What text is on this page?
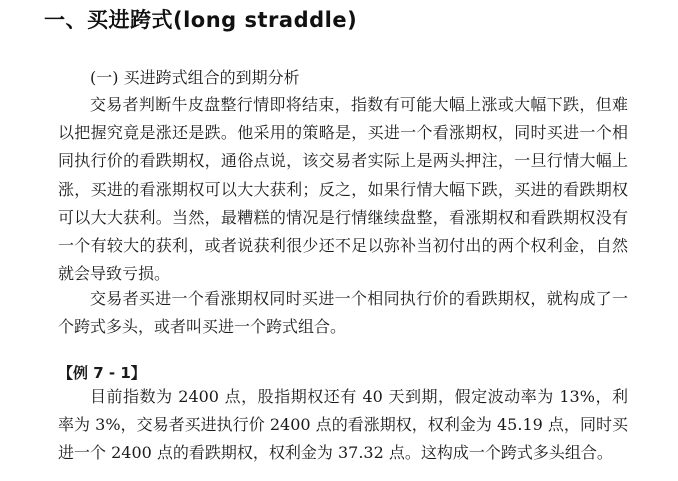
一、买进跨式(long straddle)
(一) 买进跨式组合的到期分析
交易者判断牛皮盘整行情即将结束，指数有可能大幅上涨或大幅下跌，但难以把握究竟是涨还是跌。他采用的策略是，买进一个看涨期权，同时买进一个相同执行价的看跌期权，通俗点说，该交易者实际上是两头押注，一旦行情大幅上涨，买进的看涨期权可以大大获利；反之，如果行情大幅下跌，买进的看跌期权可以大大获利。当然，最糟糕的情况是行情继续盘整，看涨期权和看跌期权没有一个有较大的获利，或者说获利很少还不足以弥补当初付出的两个权利金，自然就会导致亏损。
交易者买进一个看涨期权同时买进一个相同执行价的看跌期权，就构成了一个跨式多头，或者叫买进一个跨式组合。
【例 7 - 1】
目前指数为 2400 点，股指期权还有 40 天到期，假定波动率为 13%，利率为 3%，交易者买进执行价 2400 点的看涨期权，权利金为 45.19 点，同时买进一个 2400 点的看跌期权，权利金为 37.32 点。这构成一个跨式多头组合。
